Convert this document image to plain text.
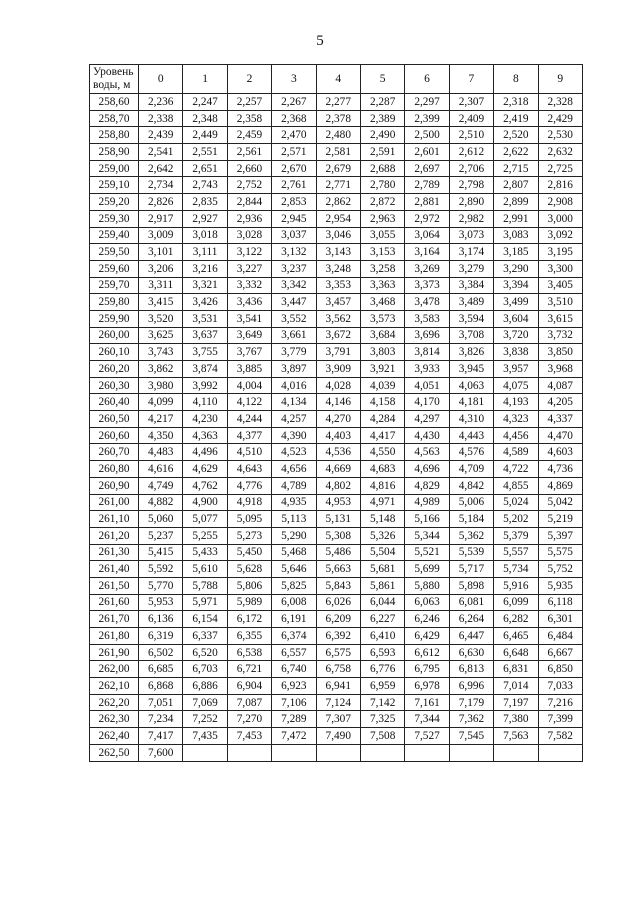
5
Уровень
воды, м	0	1	2	3	4	5	6	7	8	9
258,60	2,236	2,247	2,257	2,267	2,277	2,287	2,297	2,307	2,318	2,328
258,70	2,338	2,348	2,358	2,368	2,378	2,389	2,399	2,409	2,419	2,429
258,80	2,439	2,449	2,459	2,470	2,480	2,490	2,500	2,510	2,520	2,530
258,90	2,541	2,551	2,561	2,571	2,581	2,591	2,601	2,612	2,622	2,632
259,00	2,642	2,651	2,660	2,670	2,679	2,688	2,697	2,706	2,715	2,725
259,10	2,734	2,743	2,752	2,761	2,771	2,780	2,789	2,798	2,807	2,816
259,20	2,826	2,835	2,844	2,853	2,862	2,872	2,881	2,890	2,899	2,908
259,30	2,917	2,927	2,936	2,945	2,954	2,963	2,972	2,982	2,991	3,000
259,40	3,009	3,018	3,028	3,037	3,046	3,055	3,064	3,073	3,083	3,092
259,50	3,101	3,111	3,122	3,132	3,143	3,153	3,164	3,174	3,185	3,195
259,60	3,206	3,216	3,227	3,237	3,248	3,258	3,269	3,279	3,290	3,300
259,70	3,311	3,321	3,332	3,342	3,353	3,363	3,373	3,384	3,394	3,405
259,80	3,415	3,426	3,436	3,447	3,457	3,468	3,478	3,489	3,499	3,510
259,90	3,520	3,531	3,541	3,552	3,562	3,573	3,583	3,594	3,604	3,615
260,00	3,625	3,637	3,649	3,661	3,672	3,684	3,696	3,708	3,720	3,732
260,10	3,743	3,755	3,767	3,779	3,791	3,803	3,814	3,826	3,838	3,850
260,20	3,862	3,874	3,885	3,897	3,909	3,921	3,933	3,945	3,957	3,968
260,30	3,980	3,992	4,004	4,016	4,028	4,039	4,051	4,063	4,075	4,087
260,40	4,099	4,110	4,122	4,134	4,146	4,158	4,170	4,181	4,193	4,205
260,50	4,217	4,230	4,244	4,257	4,270	4,284	4,297	4,310	4,323	4,337
260,60	4,350	4,363	4,377	4,390	4,403	4,417	4,430	4,443	4,456	4,470
260,70	4,483	4,496	4,510	4,523	4,536	4,550	4,563	4,576	4,589	4,603
260,80	4,616	4,629	4,643	4,656	4,669	4,683	4,696	4,709	4,722	4,736
260,90	4,749	4,762	4,776	4,789	4,802	4,816	4,829	4,842	4,855	4,869
261,00	4,882	4,900	4,918	4,935	4,953	4,971	4,989	5,006	5,024	5,042
261,10	5,060	5,077	5,095	5,113	5,131	5,148	5,166	5,184	5,202	5,219
261,20	5,237	5,255	5,273	5,290	5,308	5,326	5,344	5,362	5,379	5,397
261,30	5,415	5,433	5,450	5,468	5,486	5,504	5,521	5,539	5,557	5,575
261,40	5,592	5,610	5,628	5,646	5,663	5,681	5,699	5,717	5,734	5,752
261,50	5,770	5,788	5,806	5,825	5,843	5,861	5,880	5,898	5,916	5,935
261,60	5,953	5,971	5,989	6,008	6,026	6,044	6,063	6,081	6,099	6,118
261,70	6,136	6,154	6,172	6,191	6,209	6,227	6,246	6,264	6,282	6,301
261,80	6,319	6,337	6,355	6,374	6,392	6,410	6,429	6,447	6,465	6,484
261,90	6,502	6,520	6,538	6,557	6,575	6,593	6,612	6,630	6,648	6,667
262,00	6,685	6,703	6,721	6,740	6,758	6,776	6,795	6,813	6,831	6,850
262,10	6,868	6,886	6,904	6,923	6,941	6,959	6,978	6,996	7,014	7,033
262,20	7,051	7,069	7,087	7,106	7,124	7,142	7,161	7,179	7,197	7,216
262,30	7,234	7,252	7,270	7,289	7,307	7,325	7,344	7,362	7,380	7,399
262,40	7,417	7,435	7,453	7,472	7,490	7,508	7,527	7,545	7,563	7,582
262,50	7,600									
